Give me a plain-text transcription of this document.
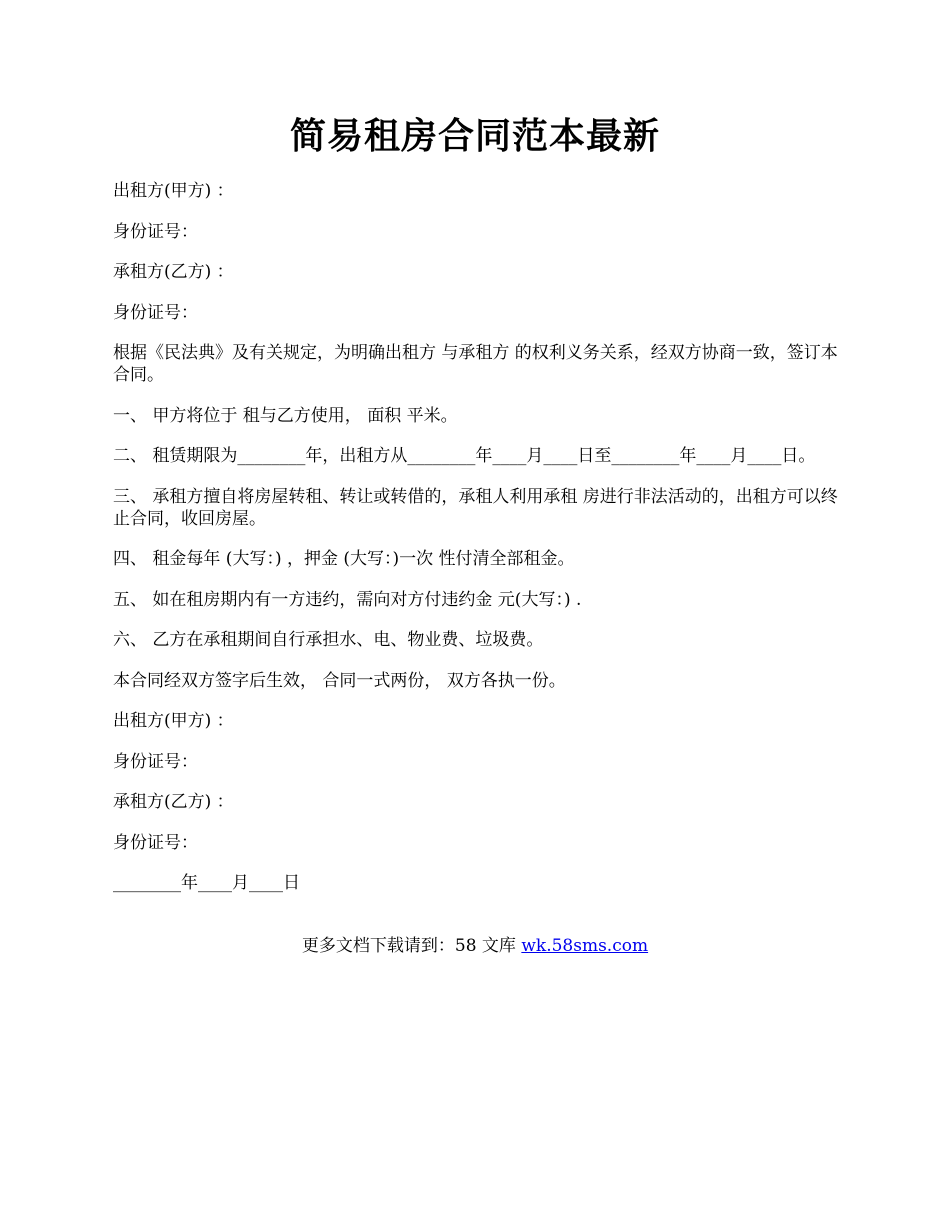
简易租房合同范本最新

出租方(甲方) ：

身份证号：

承租方(乙方) ：

身份证号：

根据《民法典》及有关规定，为明确出租方 与承租方 的权利义务关系，经双方协商一致，签订本合同。

一、 甲方将位于 租与乙方使用， 面积 平米。

二、 租赁期限为________年，出租方从________年____月____日至________年____月____日。

三、 承租方擅自将房屋转租、转让或转借的，承租人利用承租 房进行非法活动的，出租方可以终止合同，收回房屋。

四、 租金每年 (大写：) ，押金 (大写：)一次 性付清全部租金。

五、 如在租房期内有一方违约，需向对方付违约金 元(大写：) .

六、 乙方在承租期间自行承担水、电、物业费、垃圾费。

本合同经双方签字后生效， 合同一式两份， 双方各执一份。

出租方(甲方) ：

身份证号：

承租方(乙方) ：

身份证号：

________年____月____日

更多文档下载请到：58 文库 wk.58sms.com
